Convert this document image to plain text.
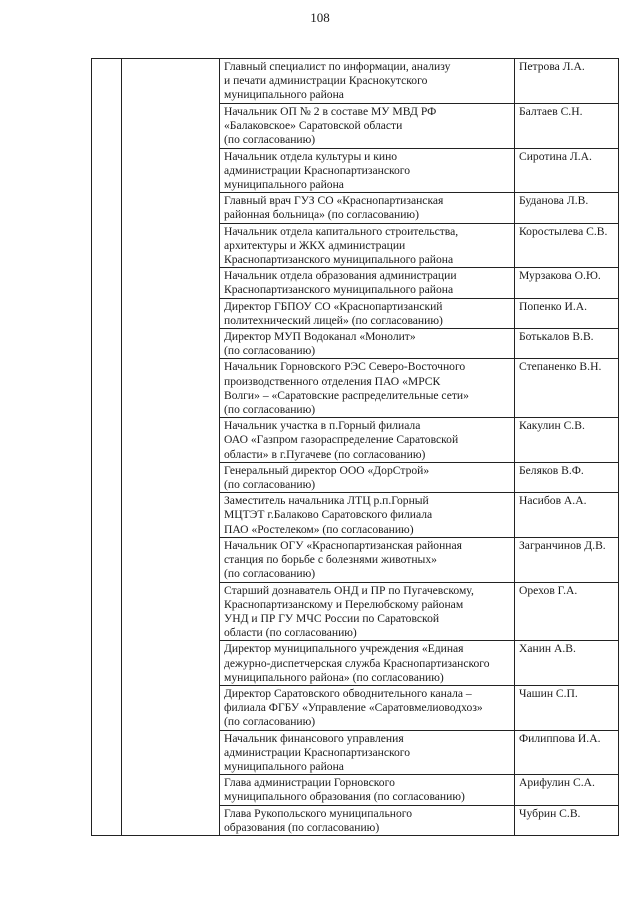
108

		Главный специалист по информации, анализу
и печати администрации Краснокутского
муниципального района	Петрова Л.А.

		Начальник ОП № 2 в составе МУ МВД РФ
«Балаковское» Саратовской области
(по согласованию)	Балтаев С.Н.

		Начальник отдела культуры и кино
администрации Краснопартизанского
муниципального района	Сиротина Л.А.

		Главный врач ГУЗ СО «Краснопартизанская
районная больница» (по согласованию)	Буданова Л.В.

		Начальник отдела капитального строительства,
архитектуры и ЖКХ администрации
Краснопартизанского муниципального района	Коростылева С.В.

		Начальник отдела образования администрации
Краснопартизанского муниципального района	Мурзакова О.Ю.

		Директор ГБПОУ СО «Краснопартизанский
политехнический лицей» (по согласованию)	Попенко И.А.

		Директор МУП Водоканал «Монолит»
(по согласованию)	Ботькалов В.В.

		Начальник Горновского РЭС Северо-Восточного
производственного отделения ПАО «МРСК
Волги» – «Саратовские распределительные сети»
(по согласованию)	Степаненко В.Н.

		Начальник участка в п.Горный филиала
ОАО «Газпром газораспределение Саратовской
области» в г.Пугачеве (по согласованию)	Какулин С.В.

		Генеральный директор ООО «ДорСтрой»
(по согласованию)	Беляков В.Ф.

		Заместитель начальника ЛТЦ р.п.Горный
МЦТЭТ г.Балаково Саратовского филиала
ПАО «Ростелеком» (по согласованию)	Насибов А.А.

		Начальник ОГУ «Краснопартизанская районная
станция по борьбе с болезнями животных»
(по согласованию)	Загранчинов Д.В.

		Старший дознаватель ОНД и ПР по Пугачевскому,
Краснопартизанскому и Перелюбскому районам
УНД и ПР ГУ МЧС России по Саратовской
области (по согласованию)	Орехов Г.А.

		Директор муниципального учреждения «Единая
дежурно-диспетчерская служба Краснопартизанского
муниципального района» (по согласованию)	Ханин А.В.

		Директор Саратовского обводнительного канала –
филиала ФГБУ «Управление «Саратовмелиоводхоз»
(по согласованию)	Чашин С.П.

		Начальник финансового управления
администрации Краснопартизанского
муниципального района	Филиппова И.А.

		Глава администрации Горновского
муниципального образования (по согласованию)	Арифулин С.А.

		Глава Рукопольского муниципального
образования (по согласованию)	Чубрин С.В.
